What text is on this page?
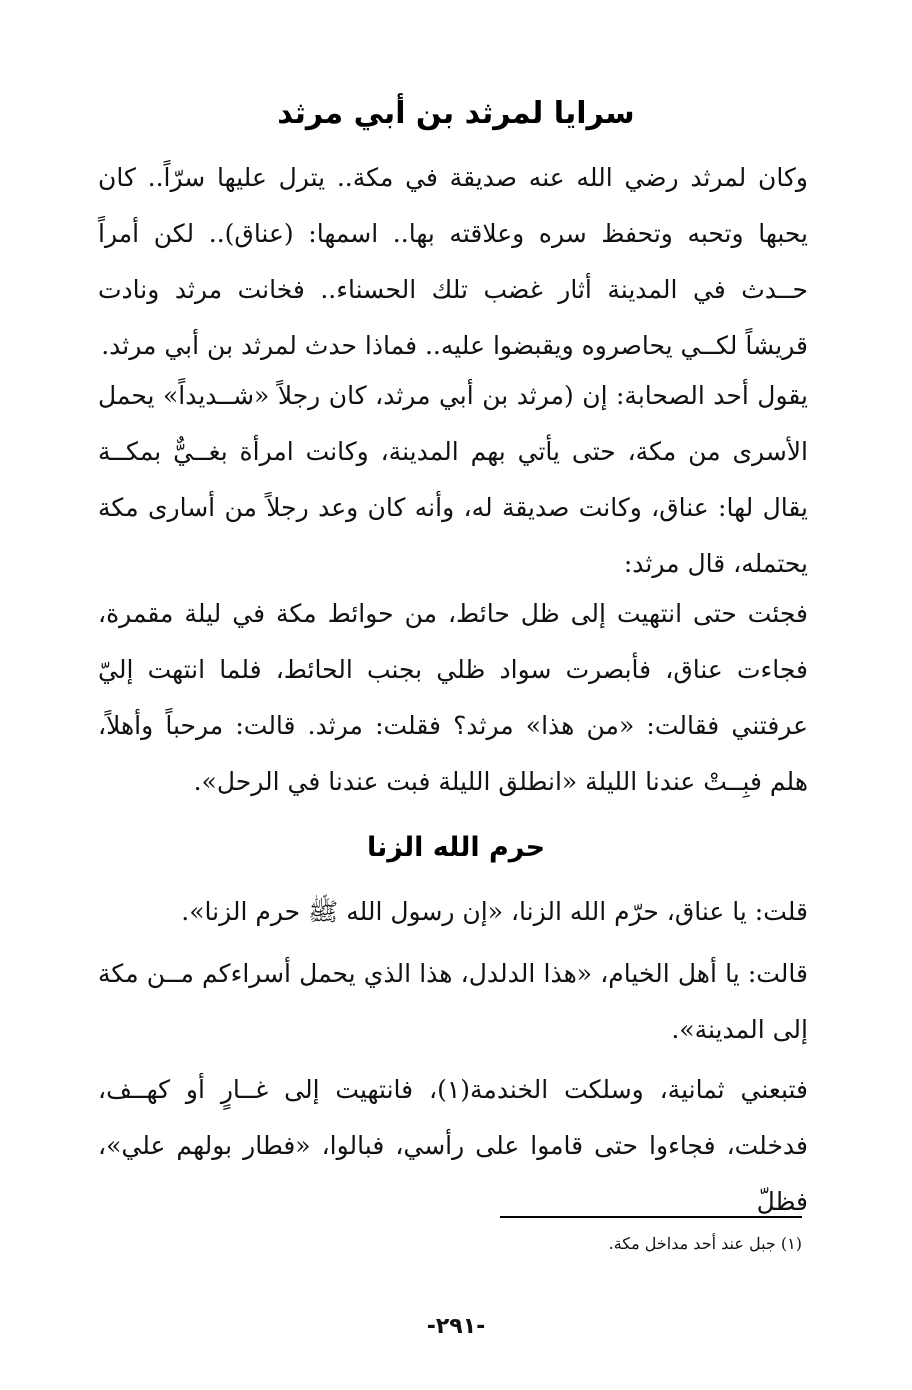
سرايا لمرثد بن أبي مرثد
وكان لمرثد رضي الله عنه صديقة في مكة.. يترل عليها سرّاً.. كان يحبها وتحبه وتحفظ سره وعلاقته بها.. اسمها: (عناق).. لكن أمراً حــدث في المدينة أثار غضب تلك الحسناء.. فخانت مرثد ونادت قريشاً لكــي يحاصروه ويقبضوا عليه.. فماذا حدث لمرثد بن أبي مرثد.
يقول أحد الصحابة: إن (مرثد بن أبي مرثد، كان رجلاً «شــديداً» يحمل الأسرى من مكة، حتى يأتي بهم المدينة، وكانت امرأة بغــيٌّ بمكــة يقال لها: عناق، وكانت صديقة له، وأنه كان وعد رجلاً من أسارى مكة يحتمله، قال مرثد:
فجئت حتى انتهيت إلى ظل حائط، من حوائط مكة في ليلة مقمرة، فجاءت عناق، فأبصرت سواد ظلي بجنب الحائط، فلما انتهت إليّ عرفتني فقالت: «من هذا» مرثد؟ فقلت: مرثد. قالت: مرحباً وأهلاً، هلم فبِــتْ عندنا الليلة «انطلق الليلة فبت عندنا في الرحل».
حرم الله الزنا
قلت: يا عناق، حرّم الله الزنا، «إن رسول الله ﷺ حرم الزنا».
قالت: يا أهل الخيام، «هذا الدلدل، هذا الذي يحمل أسراءكم مــن مكة إلى المدينة».
فتبعني ثمانية، وسلكت الخندمة(١)، فانتهيت إلى غــارٍ أو كهــف، فدخلت، فجاءوا حتى قاموا على رأسي، فبالوا، «فطار بولهم علي»، فظلّ
(١) جبل عند أحد مداخل مكة.
-٢٩١-
